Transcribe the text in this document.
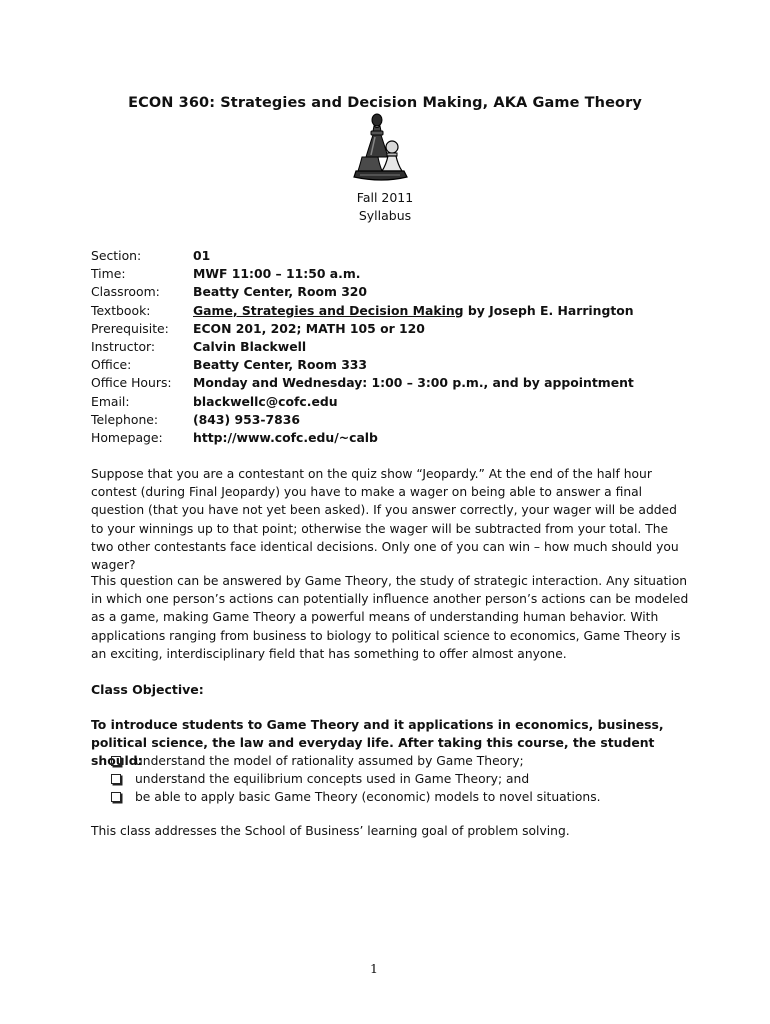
ECON 360: Strategies and Decision Making, AKA Game Theory
Fall 2011
Syllabus
Section:	01
Time:	MWF 11:00 – 11:50 a.m.
Classroom:	Beatty Center, Room 320
Textbook:	Game, Strategies and Decision Making by Joseph E. Harrington
Prerequisite: ECON 201, 202; MATH 105 or 120
Instructor:	Calvin Blackwell
Office:	Beatty Center, Room 333
Office Hours: Monday and Wednesday: 1:00 – 3:00 p.m., and by appointment
Email:	blackwellc@cofc.edu
Telephone:	(843) 953-7836
Homepage: http://www.cofc.edu/~calb

Suppose that you are a contestant on the quiz show “Jeopardy.” At the end of the half hour contest (during Final Jeopardy) you have to make a wager on being able to answer a final question (that you have not yet been asked). If you answer correctly, your wager will be added to your winnings up to that point; otherwise the wager will be subtracted from your total. The two other contestants face identical decisions. Only one of you can win – how much should you wager?

This question can be answered by Game Theory, the study of strategic interaction. Any situation in which one person’s actions can potentially influence another person’s actions can be modeled as a game, making Game Theory a powerful means of understanding human behavior. With applications ranging from business to biology to political science to economics, Game Theory is an exciting, interdisciplinary field that has something to offer almost anyone.

Class Objective:

To introduce students to Game Theory and it applications in economics, business, political science, the law and everyday life. After taking this course, the student should:

understand the model of rationality assumed by Game Theory;
understand the equilibrium concepts used in Game Theory; and
be able to apply basic Game Theory (economic) models to novel situations.
This class addresses the School of Business’ learning goal of problem solving.
1
